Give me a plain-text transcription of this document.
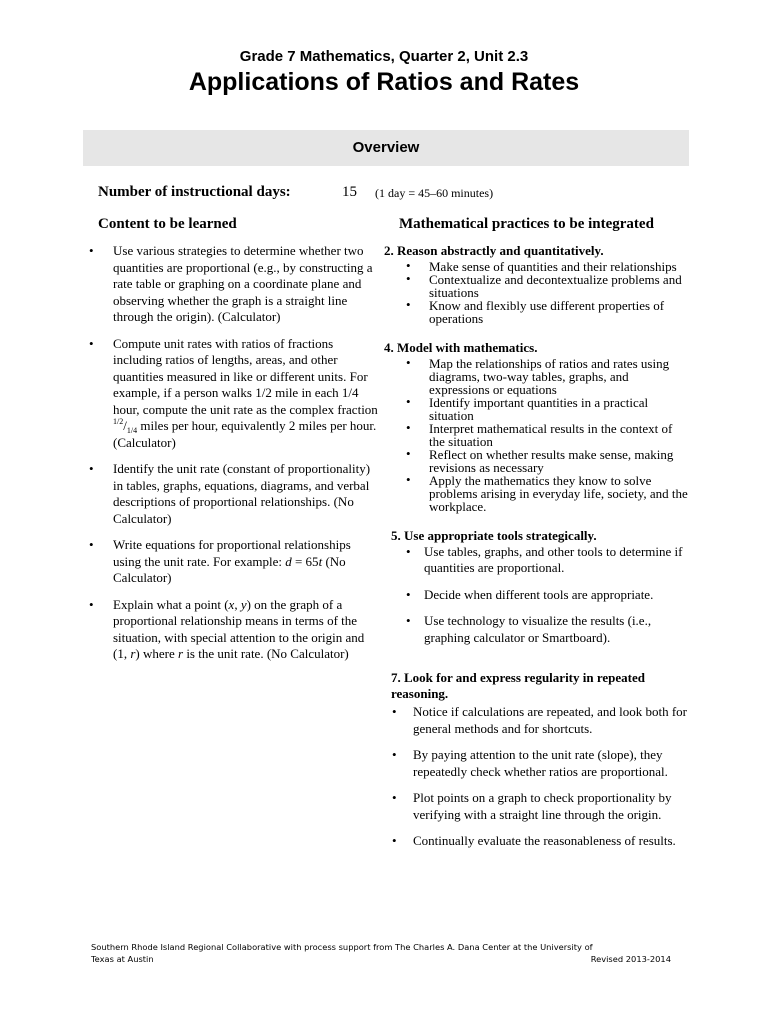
Grade 7 Mathematics, Quarter 2, Unit 2.3
Applications of Ratios and Rates
Overview
Number of instructional days:	15 (1 day = 45–60 minutes)
Content to be learned	Mathematical practices to be integrated
• Use various strategies to determine whether two quantities are proportional (e.g., by constructing a rate table or graphing on a coordinate plane and observing whether the graph is a straight line through the origin). (Calculator)
• Compute unit rates with ratios of fractions including ratios of lengths, areas, and other quantities measured in like or different units. For example, if a person walks 1/2 mile in each 1/4 hour, compute the unit rate as the complex fraction $^{1/2}/_{1/4}$ miles per hour, equivalently 2 miles per hour. (Calculator)
• Identify the unit rate (constant of proportionality) in tables, graphs, equations, diagrams, and verbal descriptions of proportional relationships. (No Calculator)
• Write equations for proportional relationships using the unit rate. For example: d = 65t (No Calculator)
• Explain what a point (x, y) on the graph of a proportional relationship means in terms of the situation, with special attention to the origin and (1, r) where r is the unit rate. (No Calculator)
2. Reason abstractly and quantitatively.
• Make sense of quantities and their relationships
• Contextualize and decontextualize problems and situations
• Know and flexibly use different properties of operations
4. Model with mathematics.
• Map the relationships of ratios and rates using diagrams, two-way tables, graphs, and expressions or equations
• Identify important quantities in a practical situation
• Interpret mathematical results in the context of the situation
• Reflect on whether results make sense, making revisions as necessary
• Apply the mathematics they know to solve problems arising in everyday life, society, and the workplace.
5. Use appropriate tools strategically.
• Use tables, graphs, and other tools to determine if quantities are proportional.
• Decide when different tools are appropriate.
• Use technology to visualize the results (i.e., graphing calculator or Smartboard).
7. Look for and express regularity in repeated reasoning.
• Notice if calculations are repeated, and look both for general methods and for shortcuts.
• By paying attention to the unit rate (slope), they repeatedly check whether ratios are proportional.
• Plot points on a graph to check proportionality by verifying with a straight line through the origin.
• Continually evaluate the reasonableness of results.
Southern Rhode Island Regional Collaborative with process support from The Charles A. Dana Center at the University of
Texas at Austin	Revised 2013-2014
